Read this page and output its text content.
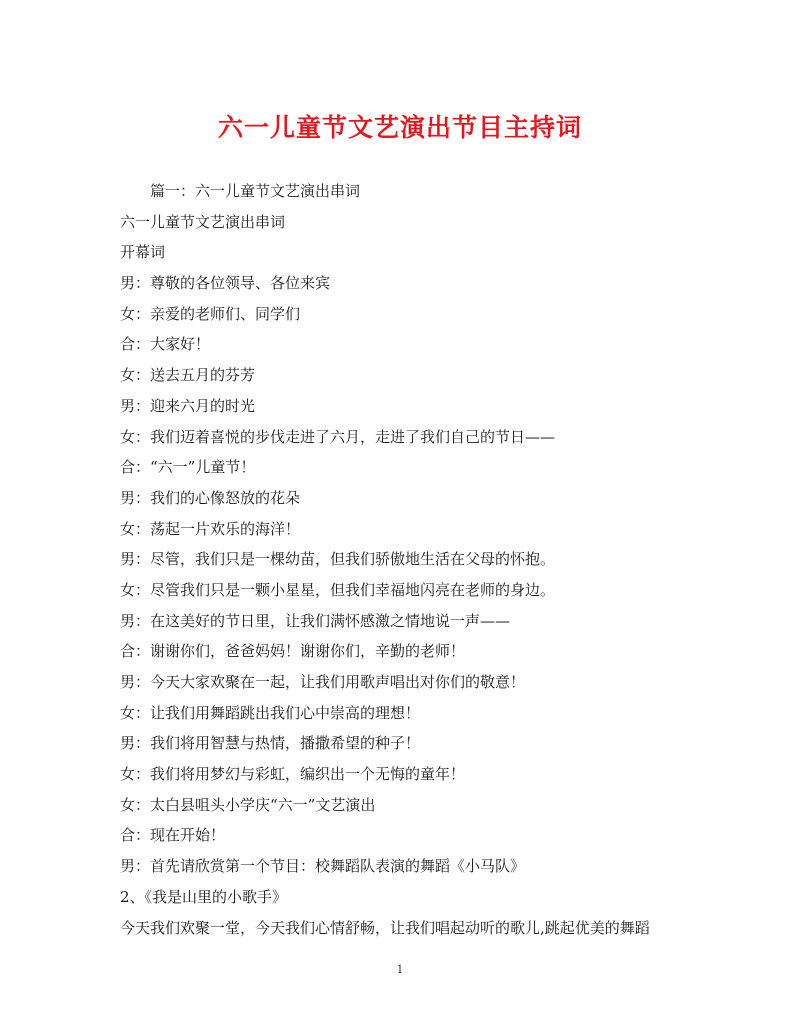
六一儿童节文艺演出节目主持词
篇一：六一儿童节文艺演出串词
六一儿童节文艺演出串词
开幕词
男：尊敬的各位领导、各位来宾
女：亲爱的老师们、同学们
合：大家好！
女：送去五月的芬芳
男：迎来六月的时光
女：我们迈着喜悦的步伐走进了六月，走进了我们自己的节日——
合：“六一”儿童节！
男：我们的心像怒放的花朵
女：荡起一片欢乐的海洋！
男：尽管，我们只是一棵幼苗，但我们骄傲地生活在父母的怀抱。
女：尽管我们只是一颗小星星，但我们幸福地闪亮在老师的身边。
男：在这美好的节日里，让我们满怀感激之情地说一声——
合：谢谢你们，爸爸妈妈！谢谢你们，辛勤的老师！
男：今天大家欢聚在一起，让我们用歌声唱出对你们的敬意！
女：让我们用舞蹈跳出我们心中崇高的理想！
男：我们将用智慧与热情，播撒希望的种子！
女：我们将用梦幻与彩虹，编织出一个无悔的童年！
女：太白县咀头小学庆“六一”文艺演出
合：现在开始！
男：首先请欣赏第一个节目：校舞蹈队表演的舞蹈《小马队》
2、《我是山里的小歌手》
今天我们欢聚一堂，今天我们心情舒畅，让我们唱起动听的歌儿,跳起优美的舞蹈
1
